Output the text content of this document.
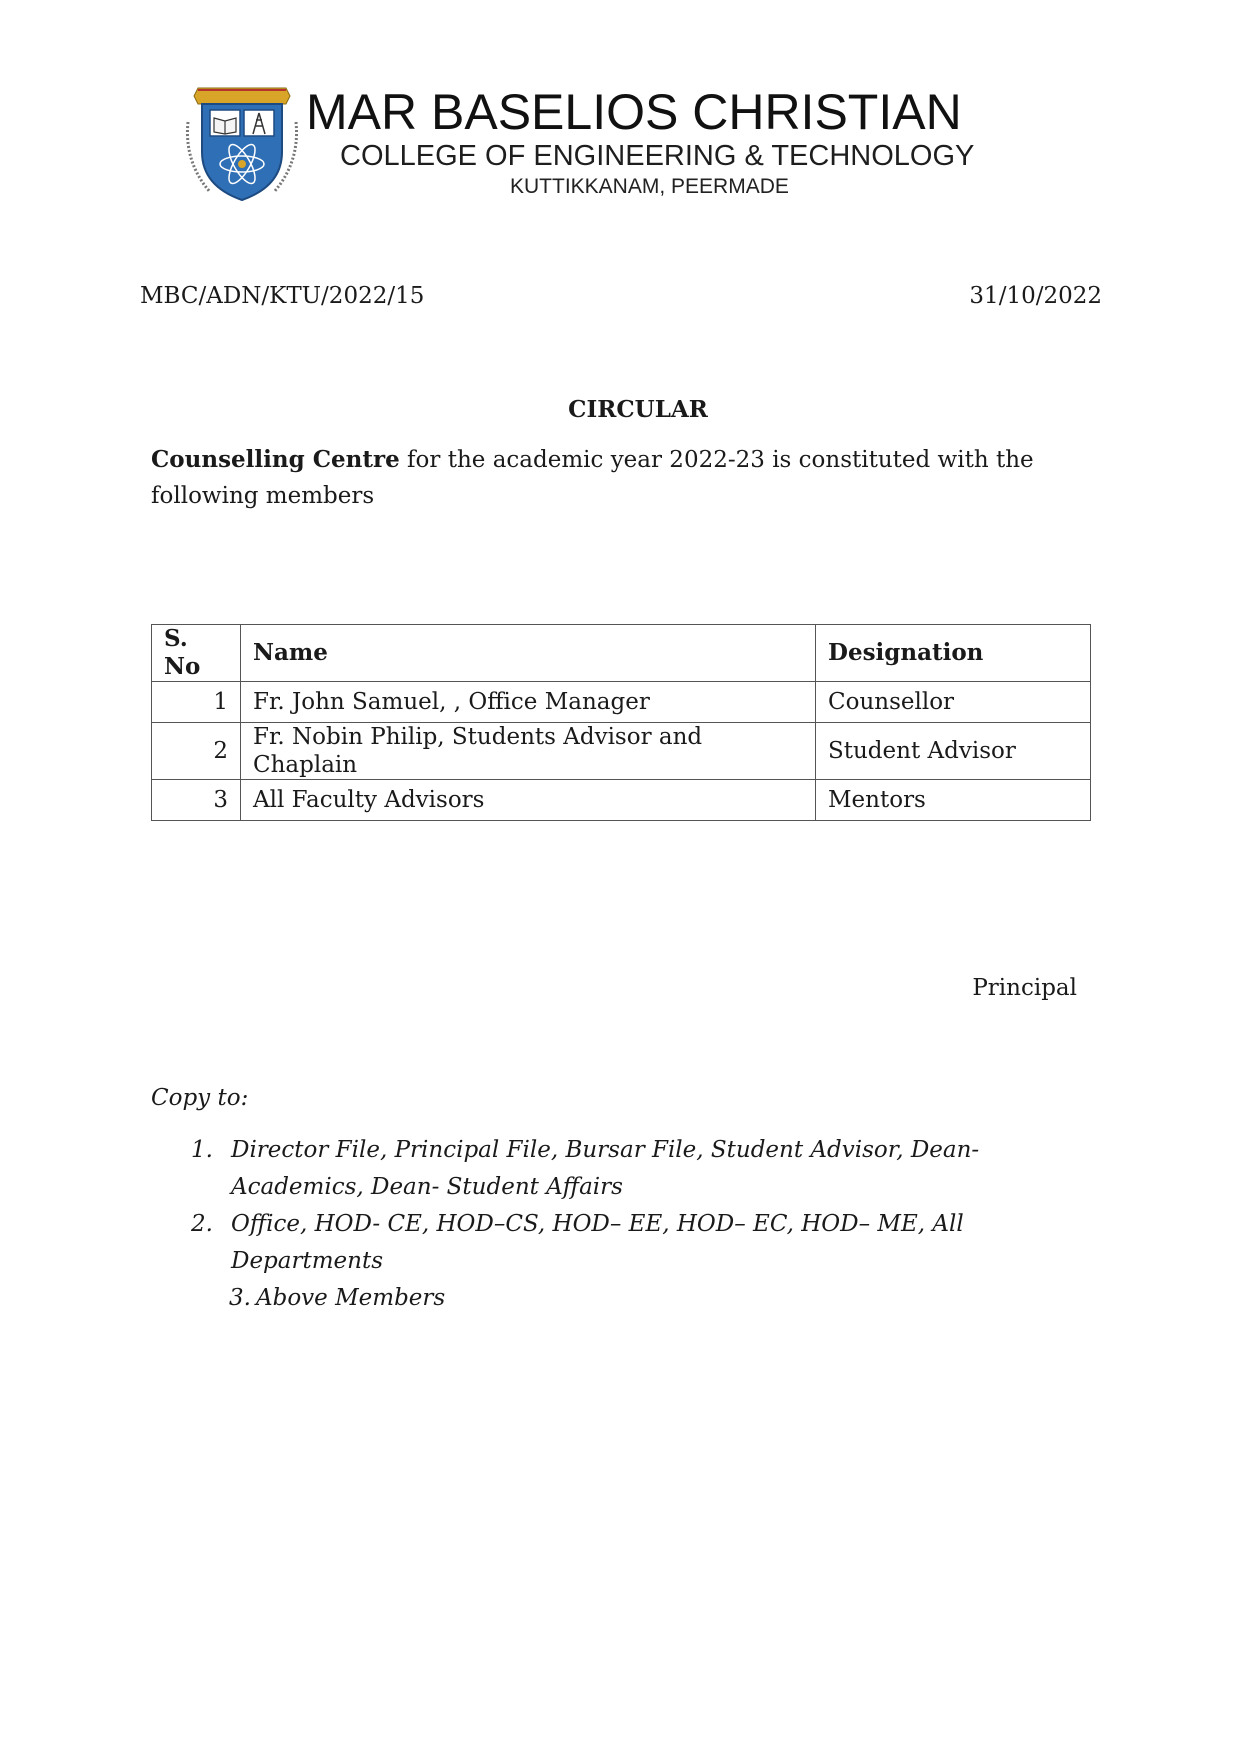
MAR BASELIOS CHRISTIAN
COLLEGE OF ENGINEERING & TECHNOLOGY
KUTTIKKANAM, PEERMADE
MBC/ADN/KTU/2022/15	31/10/2022
CIRCULAR
Counselling Centre for the academic year 2022-23 is constituted with the following members
S. No	Name	Designation
1	Fr. John Samuel, , Office Manager	Counsellor
2	Fr. Nobin Philip, Students Advisor and Chaplain	Student Advisor
3	All Faculty Advisors	Mentors
Principal
Copy to:
1. Director File, Principal File, Bursar File, Student Advisor, Dean- Academics, Dean- Student Affairs
2. Office, HOD- CE, HOD–CS, HOD– EE, HOD– EC, HOD– ME, All Departments
3. Above Members
